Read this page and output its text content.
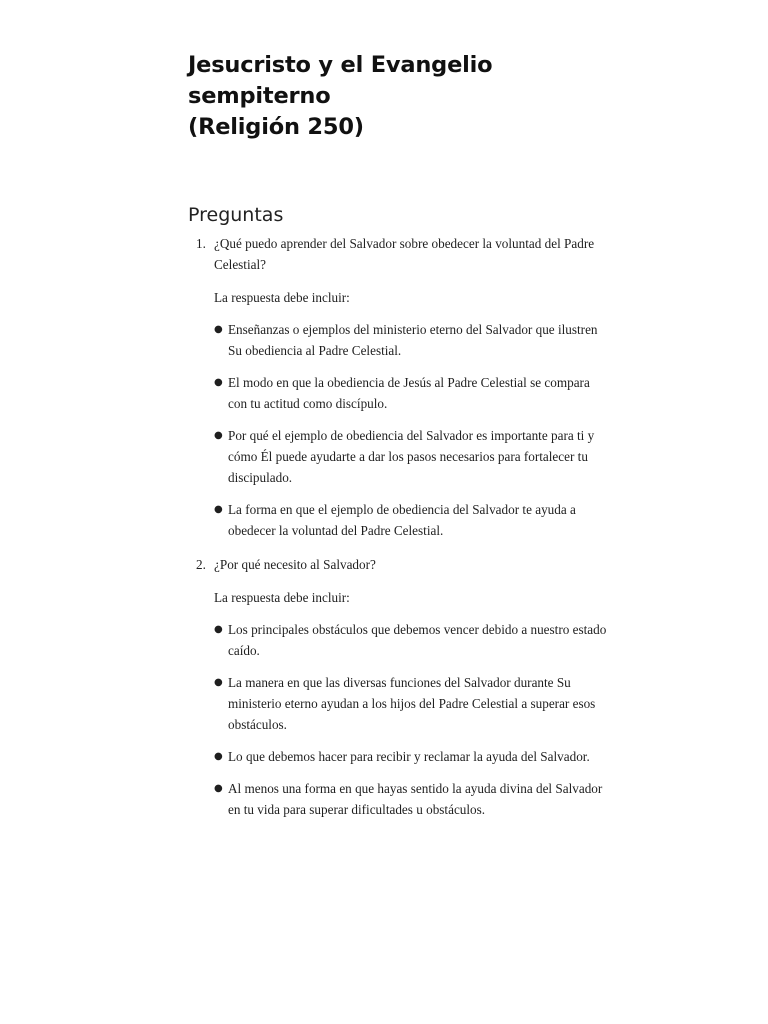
Jesucristo y el Evangelio sempiterno
(Religión 250)
Preguntas
1. ¿Qué puedo aprender del Salvador sobre obedecer la voluntad del Padre Celestial?
La respuesta debe incluir:
● Enseñanzas o ejemplos del ministerio eterno del Salvador que ilustren Su obediencia al Padre Celestial.
● El modo en que la obediencia de Jesús al Padre Celestial se compara con tu actitud como discípulo.
● Por qué el ejemplo de obediencia del Salvador es importante para ti y cómo Él puede ayudarte a dar los pasos necesarios para fortalecer tu discipulado.
● La forma en que el ejemplo de obediencia del Salvador te ayuda a obedecer la voluntad del Padre Celestial.
2. ¿Por qué necesito al Salvador?
La respuesta debe incluir:
● Los principales obstáculos que debemos vencer debido a nuestro estado caído.
● La manera en que las diversas funciones del Salvador durante Su ministerio eterno ayudan a los hijos del Padre Celestial a superar esos obstáculos.
● Lo que debemos hacer para recibir y reclamar la ayuda del Salvador.
● Al menos una forma en que hayas sentido la ayuda divina del Salvador en tu vida para superar dificultades u obstáculos.
